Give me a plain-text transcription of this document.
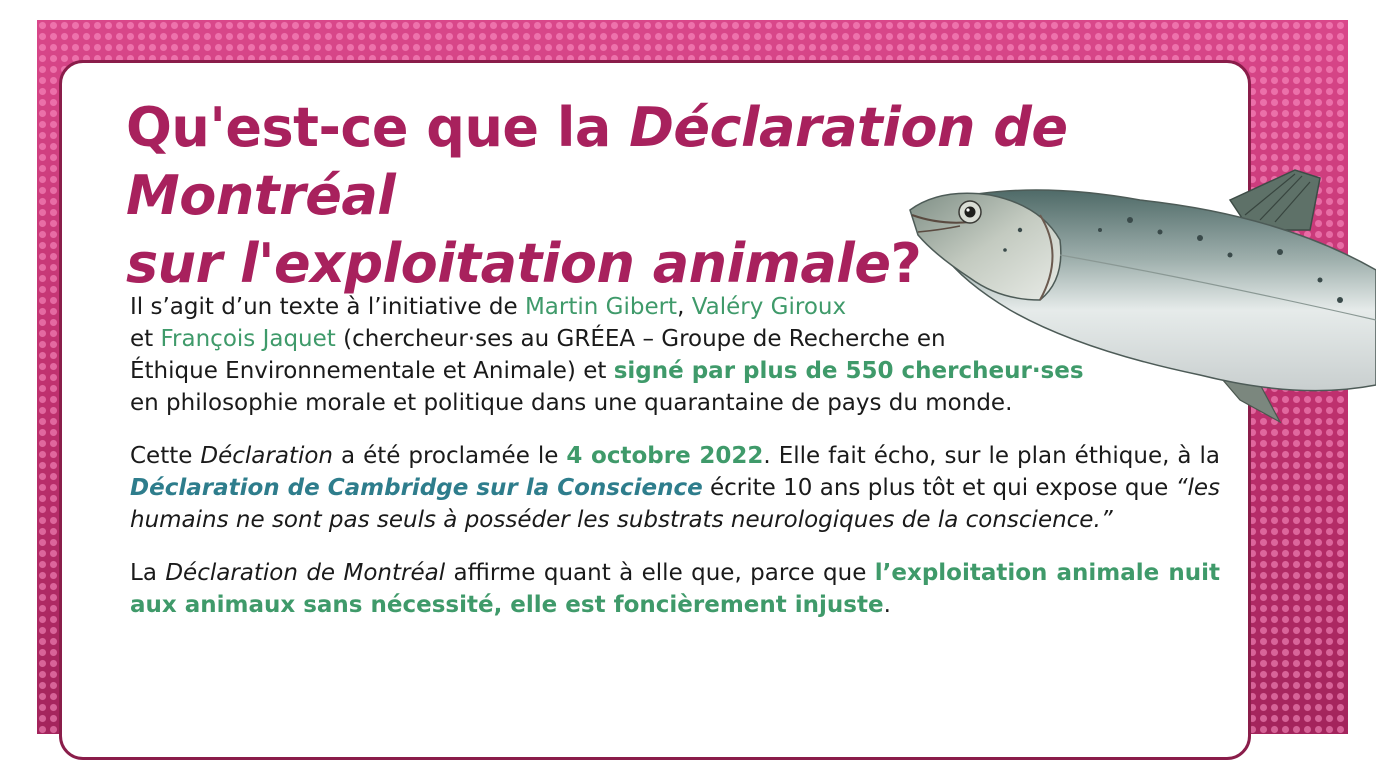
Qu'est-ce que la Déclaration de Montréal
sur l'exploitation animale?

Il s’agit d’un texte à l’initiative de Martin Gibert, Valéry Giroux
et François Jaquet (chercheur·ses au GRÉEA – Groupe de Recherche en
Éthique Environnementale et Animale) et signé par plus de 550 chercheur·ses
en philosophie morale et politique dans une quarantaine de pays du monde.

Cette Déclaration a été proclamée le 4 octobre 2022. Elle fait écho, sur le plan éthique, à la Déclaration de Cambridge sur la Conscience écrite 10 ans plus tôt et qui expose que “les humains ne sont pas seuls à posséder les substrats neurologiques de la conscience.”

La Déclaration de Montréal affirme quant à elle que, parce que l’exploitation animale nuit aux animaux sans nécessité, elle est foncièrement injuste.
